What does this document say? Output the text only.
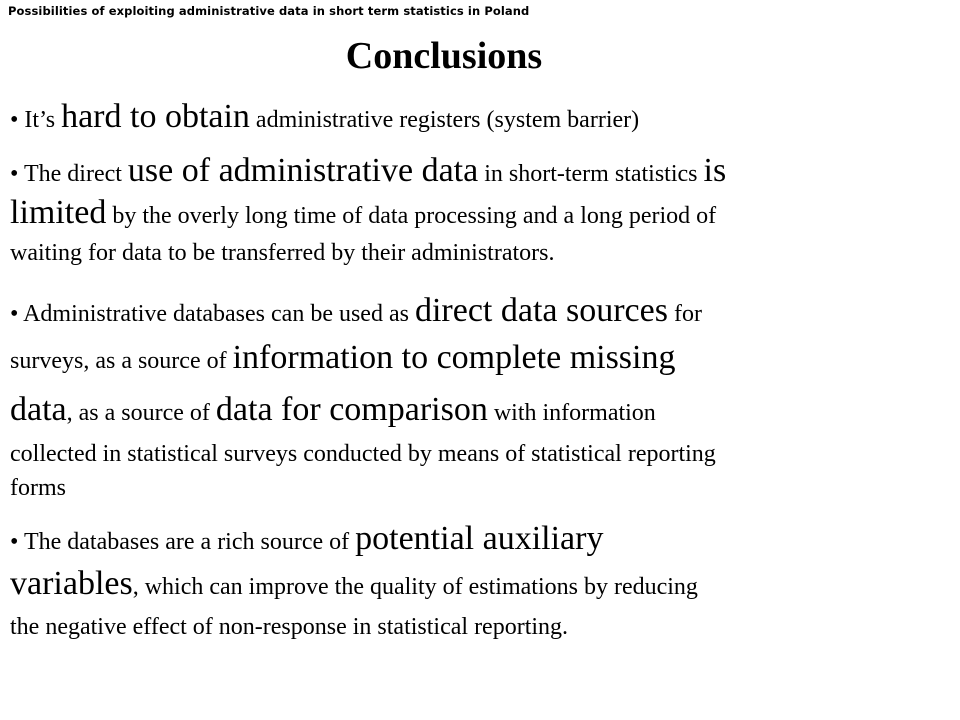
Possibilities of exploiting administrative data in short term statistics in Poland
Conclusions
• It’s hard to obtain administrative registers (system barrier)
• The direct use of administrative data in short-term statistics is
limited by the overly long time of data processing and a long period of
waiting for data to be transferred by their administrators.
• Administrative databases can be used as direct data sources for
surveys, as a source of information to complete missing
data, as a source of data for comparison with information
collected in statistical surveys conducted by means of statistical reporting
forms
• The databases are a rich source of potential auxiliary
variables, which can improve the quality of estimations by reducing
the negative effect of non-response in statistical reporting.
